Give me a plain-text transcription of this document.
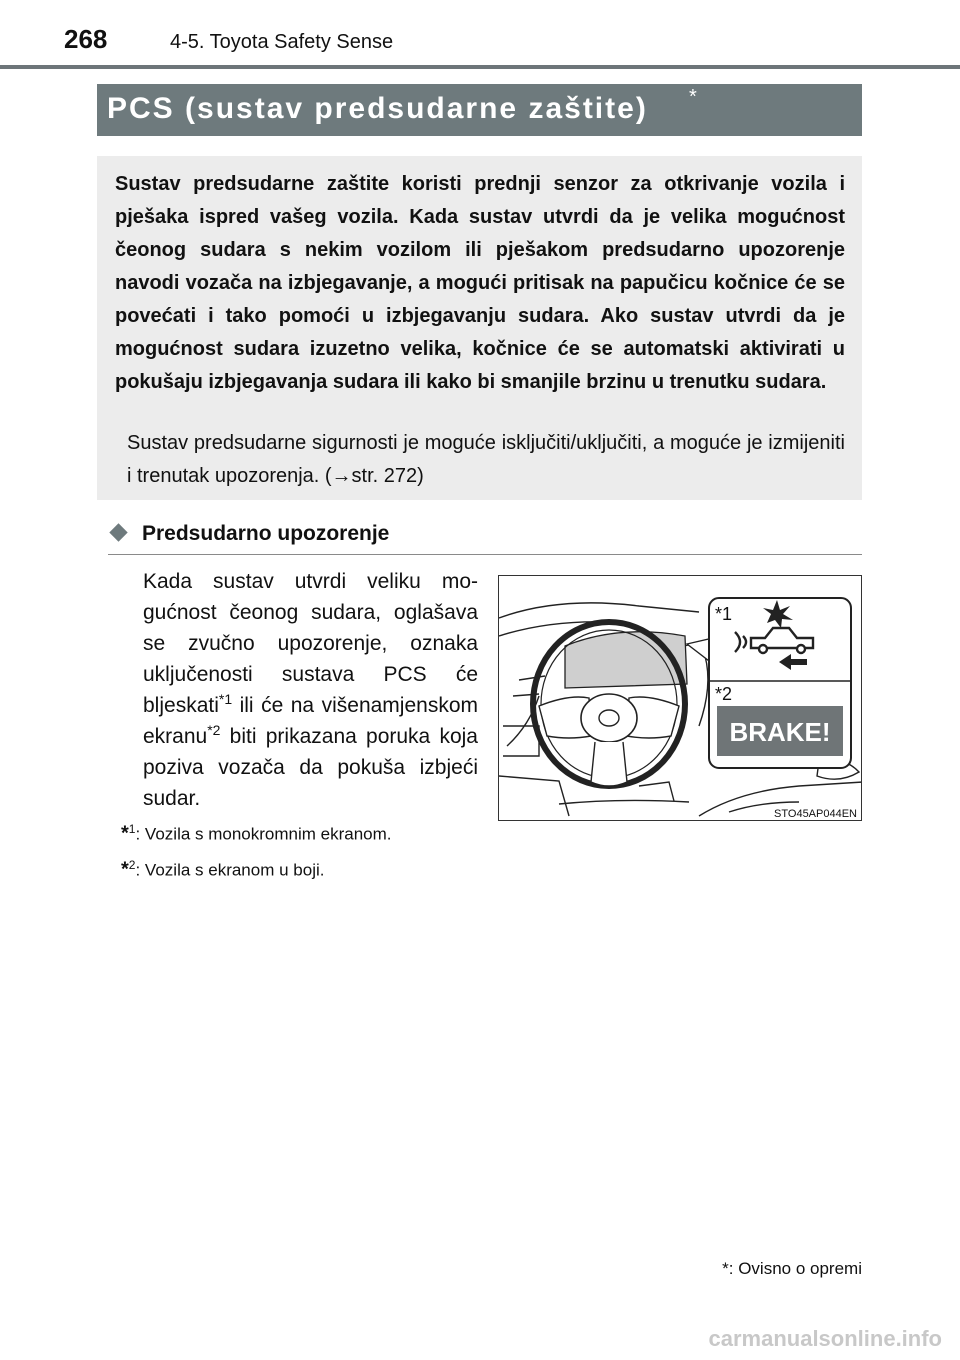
268	4-5. Toyota Safety Sense
PCS (sustav predsudarne zaštite) *

Sustav predsudarne zaštite koristi prednji senzor za otkrivanje vozila i pješaka ispred vašeg vozila. Kada sustav utvrdi da je velika mogućnost čeonog sudara s nekim vozilom ili pješakom predsudarno upozorenje navodi vozača na izbjegavanje, a mogući pritisak na papučicu kočnice će se povećati i tako pomoći u izbjegavanju sudara. Ako sustav utvrdi da je mogućnost sudara izuzetno velika, kočnice će se automatski aktivirati u pokušaju izbjegavanja sudara ili kako bi smanjile brzinu u trenutku sudara.

Sustav predsudarne sigurnosti je moguće isključiti/uključiti, a moguće je izmijeniti i trenutak upozorenja. (→str. 272)

Predsudarno upozorenje

Kada sustav utvrdi veliku mogućnost čeonog sudara, oglašava se zvučno upozorenje, oznaka uključenosti sustava PCS će bljeskati$^{*1}$ ili će na višenamjenskom ekranu$^{*2}$ biti prikazana poruka koja poziva vozača da pokuša izbjeći sudar.

*$^1$: Vozila s monokromnim ekranom.
*$^2$: Vozila s ekranom u boji.
BRAKE!
*1
*2
STO45AP044EN
*: Ovisno o opremi
carmanualsonline.info
